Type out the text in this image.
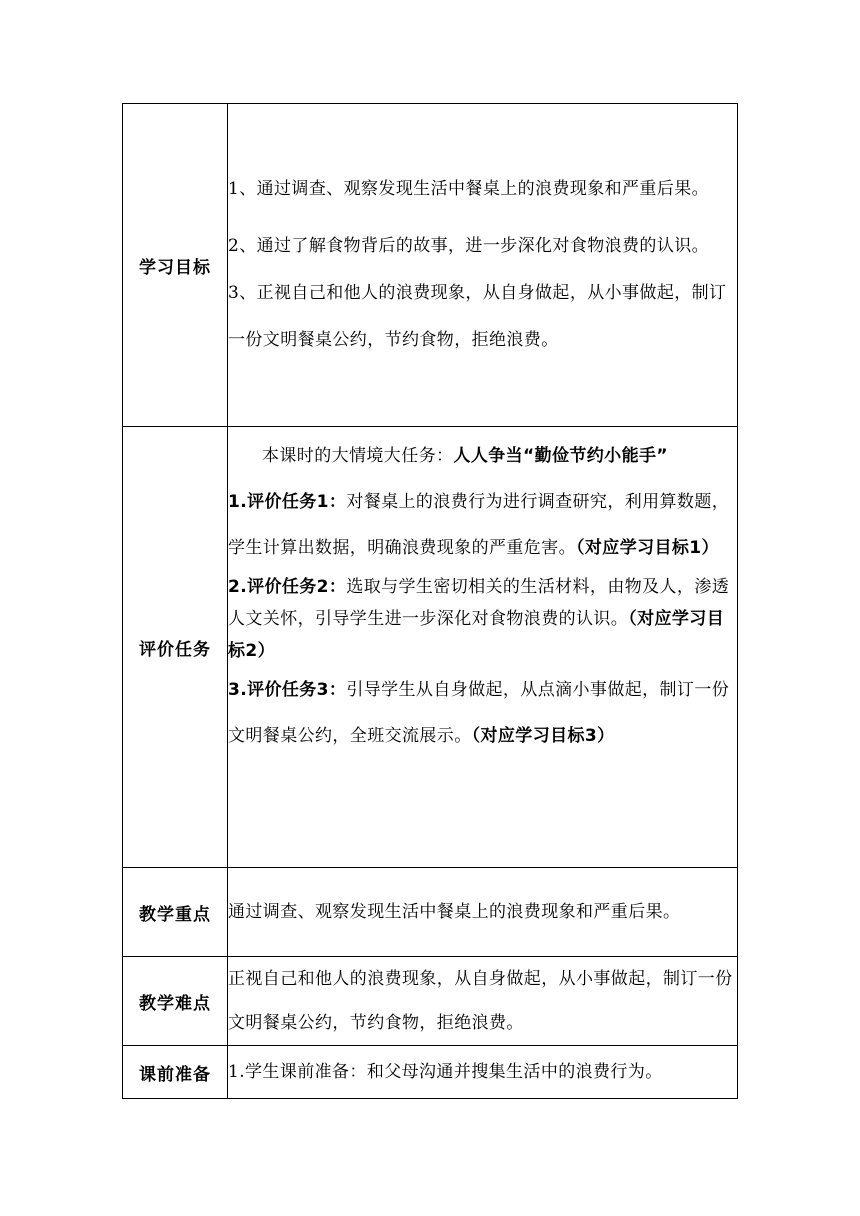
学习目标	1、通过调查、观察发现生活中餐桌上的浪费现象和严重后果。

2、通过了解食物背后的故事，进一步深化对食物浪费的认识。

3、正视自己和他人的浪费现象，从自身做起，从小事做起，制订一份文明餐桌公约，节约食物，拒绝浪费。

评价任务	本课时的大情境大任务：人人争当“勤俭节约小能手”

1.评价任务1：对餐桌上的浪费行为进行调查研究，利用算数题，学生计算出数据，明确浪费现象的严重危害。（对应学习目标1）

2.评价任务2：选取与学生密切相关的生活材料，由物及人，渗透人文关怀，引导学生进一步深化对食物浪费的认识。（对应学习目标2）

3.评价任务3：引导学生从自身做起，从点滴小事做起，制订一份文明餐桌公约，全班交流展示。（对应学习目标3）

教学重点	通过调查、观察发现生活中餐桌上的浪费现象和严重后果。

教学难点	正视自己和他人的浪费现象，从自身做起，从小事做起，制订一份文明餐桌公约，节约食物，拒绝浪费。

课前准备	1.学生课前准备：和父母沟通并搜集生活中的浪费行为。
